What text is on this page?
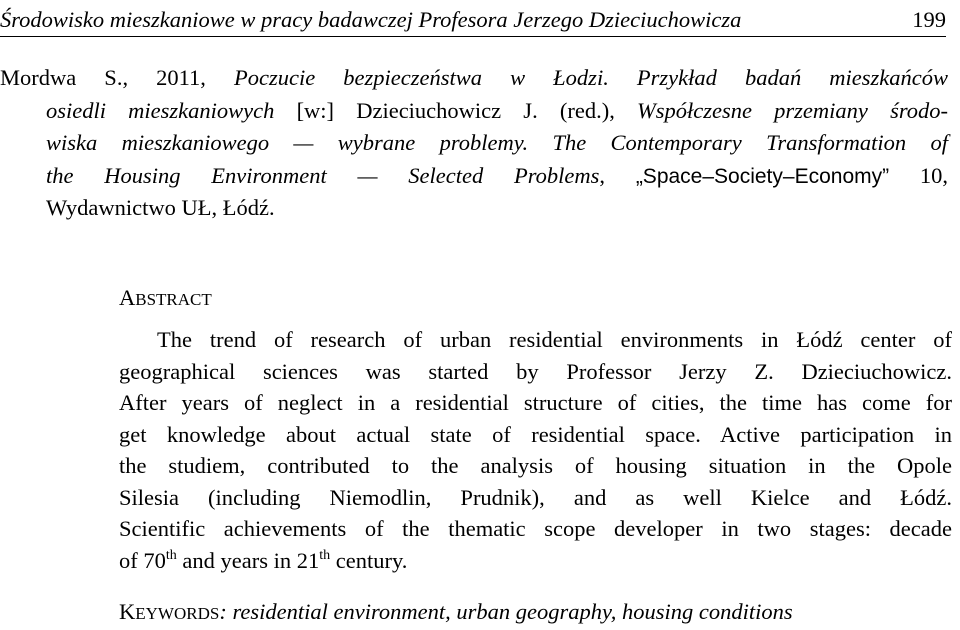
Środowisko mieszkaniowe w pracy badawczej Profesora Jerzego Dzieciuchowicza	199
Mordwa S., 2011, Poczucie bezpieczeństwa w Łodzi. Przykład badań mieszkańców
osiedli mieszkaniowych [w:] Dzieciuchowicz J. (red.), Współczesne przemiany środo-
wiska mieszkaniowego — wybrane problemy. The Contemporary Transformation of
the Housing Environment — Selected Problems, „Space–Society–Economy” 10,
Wydawnictwo UŁ, Łódź.
ABSTRACT
The trend of research of urban residential environments in Łódź center of
geographical sciences was started by Professor Jerzy Z. Dzieciuchowicz.
After years of neglect in a residential structure of cities, the time has come for
get knowledge about actual state of residential space. Active participation in
the studiem, contributed to the analysis of housing situation in the Opole
Silesia (including Niemodlin, Prudnik), and as well Kielce and Łódź.
Scientific achievements of the thematic scope developer in two stages: decade
of 70th and years in 21th century.
KEYWORDS: residential environment, urban geography, housing conditions
